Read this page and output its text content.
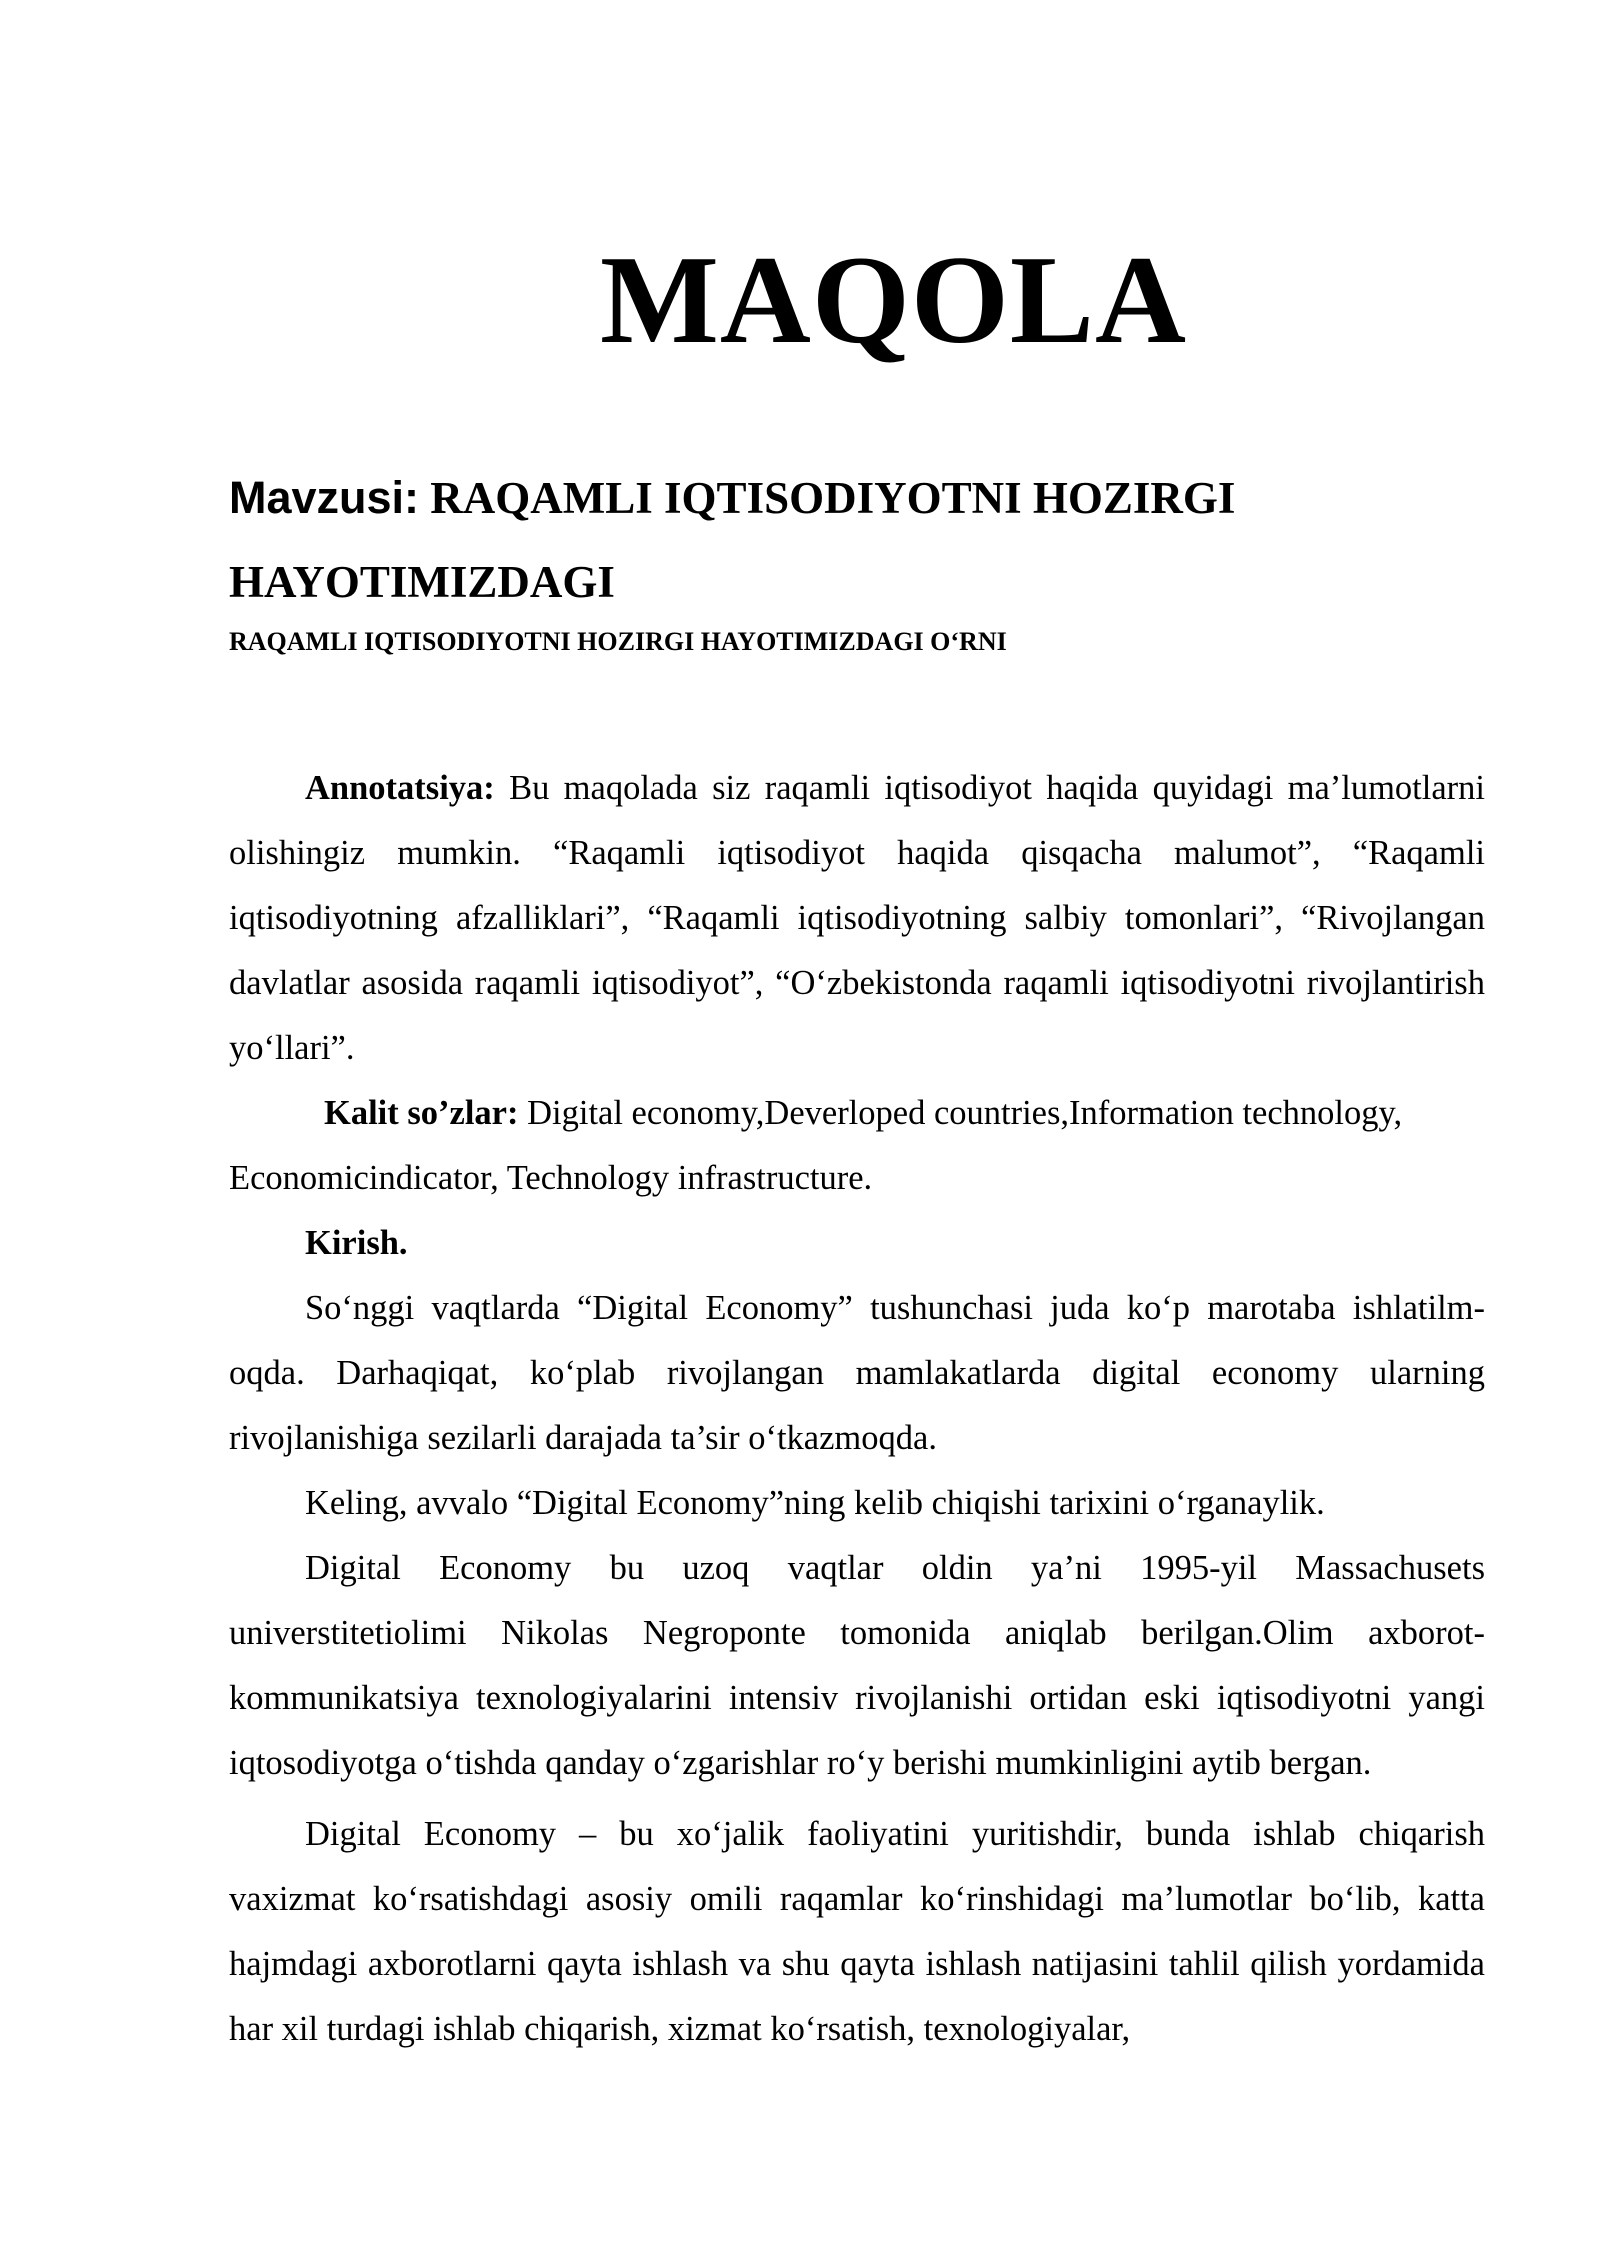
MAQOLA
Mavzusi: RAQAMLI IQTISODIYOTNI HOZIRGI HAYOTIMIZDAGI
RAQAMLI IQTISODIYOTNI HOZIRGI HAYOTIMIZDAGI O‘RNI

Annotatsiya: Bu maqolada siz raqamli iqtisodiyot haqida quyidagi ma’lumotlarni olishingiz mumkin. “Raqamli iqtisodiyot haqida qisqacha malumot”, “Raqamli iqtisodiyotning afzalliklari”, “Raqamli iqtisodiyotning salbiy tomonlari”, “Rivojlangan davlatlar asosida raqamli iqtisodiyot”, “O‘zbekistonda raqamli iqtisodiyotni rivojlantirish yo‘llari”.

Kalit so’zlar: Digital economy,Deverloped countries,Information technology, Economicindicator, Technology infrastructure.

Kirish.

So‘nggi vaqtlarda “Digital Economy” tushunchasi juda ko‘p marotaba ishlatilm-oqda. Darhaqiqat, ko‘plab rivojlangan mamlakatlarda digital economy ularning rivojlanishiga sezilarli darajada ta’sir o‘tkazmoqda.

Keling, avvalo “Digital Economy”ning kelib chiqishi tarixini o‘rganaylik.

Digital Economy bu uzoq vaqtlar oldin ya’ni 1995-yil Massachusets universtitetiolimi Nikolas Negroponte tomonida aniqlab berilgan.Olim axborot-kommunikatsiya texnologiyalarini intensiv rivojlanishi ortidan eski iqtisodiyotni yangi iqtosodiyotga o‘tishda qanday o‘zgarishlar ro‘y berishi mumkinligini aytib bergan.

Digital Economy – bu xo‘jalik faoliyatini yuritishdir, bunda ishlab chiqarish vaxizmat ko‘rsatishdagi asosiy omili raqamlar ko‘rinshidagi ma’lumotlar bo‘lib, katta hajmdagi axborotlarni qayta ishlash va shu qayta ishlash natijasini tahlil qilish yordamida har xil turdagi ishlab chiqarish, xizmat ko‘rsatish, texnologiyalar,
